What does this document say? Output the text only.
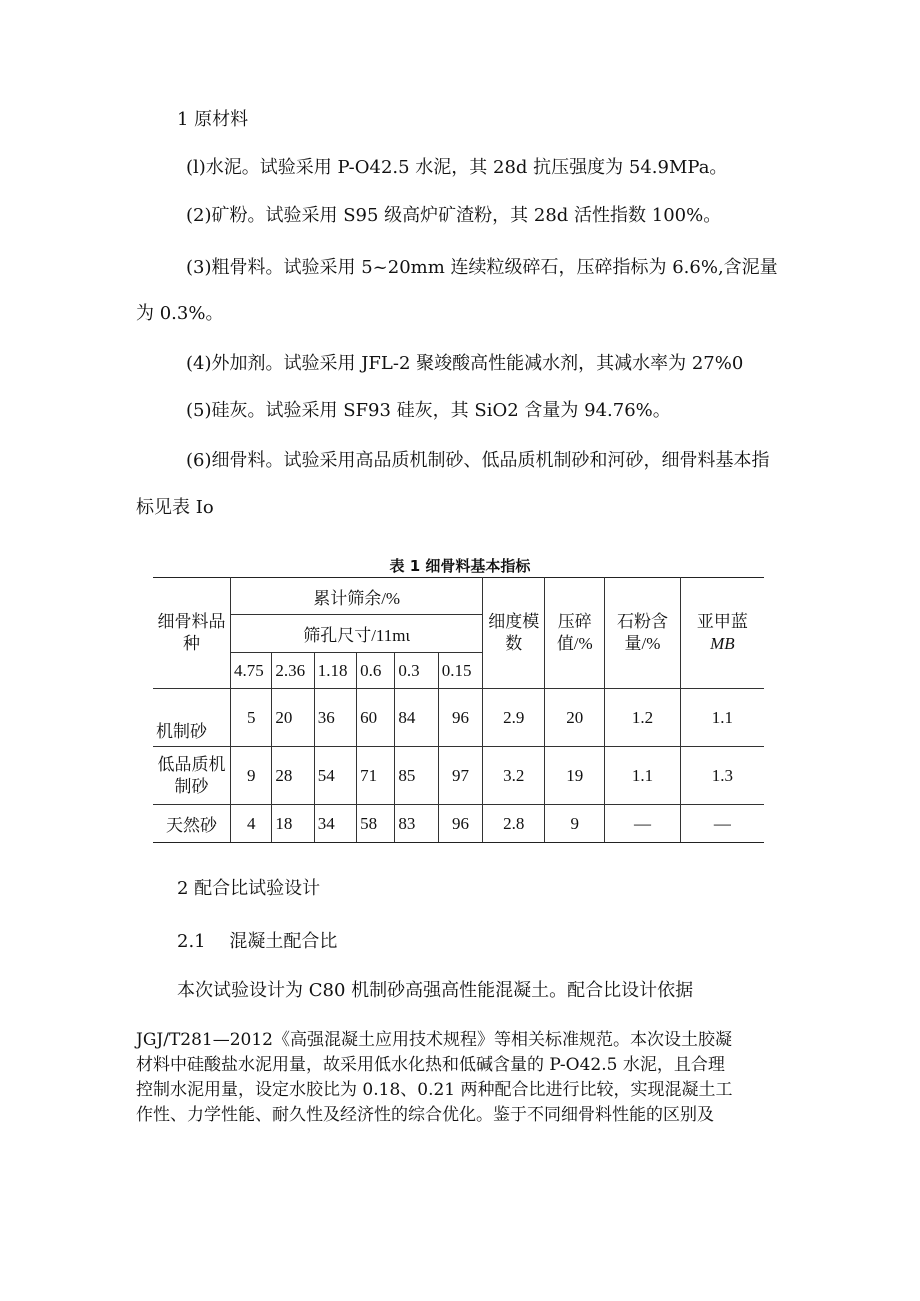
1 原材料
(l)水泥。试验采用 P-O42.5 水泥，其 28d 抗压强度为 54.9MPa。
(2)矿粉。试验采用 S95 级高炉矿渣粉，其 28d 活性指数 100%。
(3)粗骨料。试验采用 5~20mm 连续粒级碎石，压碎指标为 6.6%,含泥量
为 0.3%。
(4)外加剂。试验采用 JFL-2 聚竣酸高性能减水剂，其减水率为 27%0
(5)硅灰。试验采用 SF93 硅灰，其 SiO2 含量为 94.76%。
(6)细骨料。试验采用高品质机制砂、低品质机制砂和河砂，细骨料基本指
标见表 Io
表 1 细骨料基本指标
细骨料品种	累计筛余/%						细度模数	压碎值/%	石粉含量/%	亚甲蓝
MB

	筛孔尺寸/11mι									
	4.75	2.36	1.18	0.6	0.3	0.15				
机制砂	5	20	36	60	84	96	2.9	20	1.2	1.1
低品质机制砂	9	28	54	71	85	97	3.2	19	1.1	1.3
天然砂	4	18	34	58	83	96	2.8	9	—	—
2 配合比试验设计
2.1　 混凝土配合比
本次试验设计为 C80 机制砂高强高性能混凝土。配合比设计依据
JGJ/T281—2012《高强混凝土应用技术规程》等相关标准规范。本次设土胶凝
材料中硅酸盐水泥用量，故采用低水化热和低碱含量的 P-O42.5 水泥，且合理
控制水泥用量，设定水胶比为 0.18、0.21 两种配合比进行比较，实现混凝土工
作性、力学性能、耐久性及经济性的综合优化。鉴于不同细骨料性能的区别及
